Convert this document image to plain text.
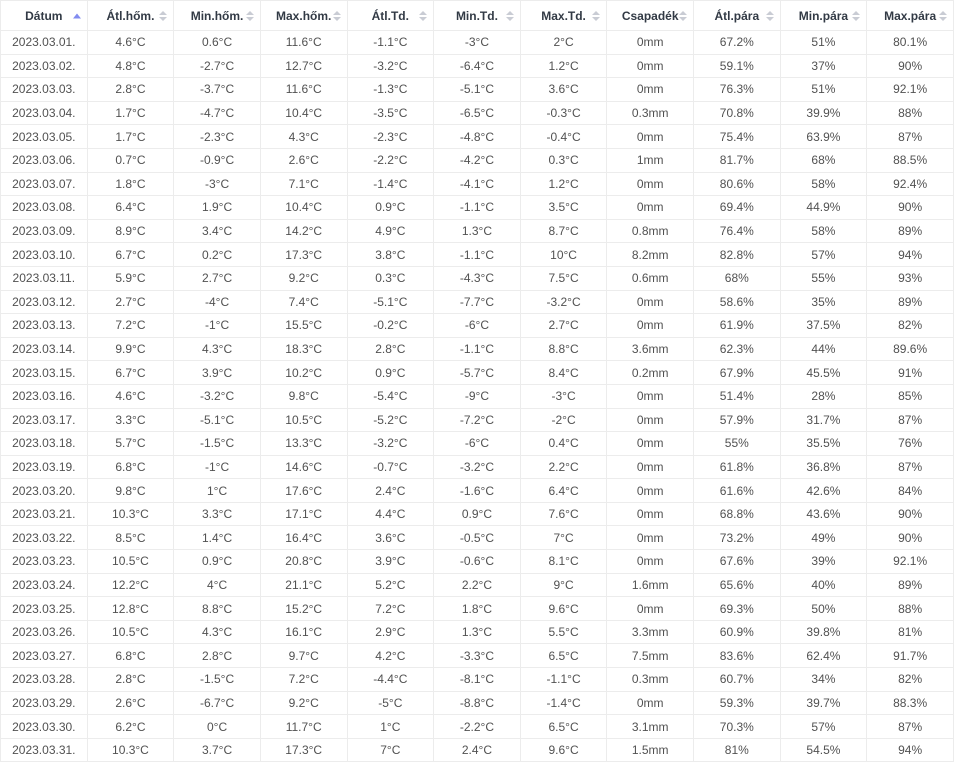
Dátum	Átl.hőm.	Min.hőm.	Max.hőm.	Átl.Td.	Min.Td.	Max.Td.	Csapadék	Átl.pára	Min.pára	Max.pára

2023.03.01.	4.6°C	0.6°C	11.6°C	-1.1°C	-3°C	2°C	0mm	67.2%	51%	80.1%
2023.03.02.	4.8°C	-2.7°C	12.7°C	-3.2°C	-6.4°C	1.2°C	0mm	59.1%	37%	90%
2023.03.03.	2.8°C	-3.7°C	11.6°C	-1.3°C	-5.1°C	3.6°C	0mm	76.3%	51%	92.1%
2023.03.04.	1.7°C	-4.7°C	10.4°C	-3.5°C	-6.5°C	-0.3°C	0.3mm	70.8%	39.9%	88%
2023.03.05.	1.7°C	-2.3°C	4.3°C	-2.3°C	-4.8°C	-0.4°C	0mm	75.4%	63.9%	87%
2023.03.06.	0.7°C	-0.9°C	2.6°C	-2.2°C	-4.2°C	0.3°C	1mm	81.7%	68%	88.5%
2023.03.07.	1.8°C	-3°C	7.1°C	-1.4°C	-4.1°C	1.2°C	0mm	80.6%	58%	92.4%
2023.03.08.	6.4°C	1.9°C	10.4°C	0.9°C	-1.1°C	3.5°C	0mm	69.4%	44.9%	90%
2023.03.09.	8.9°C	3.4°C	14.2°C	4.9°C	1.3°C	8.7°C	0.8mm	76.4%	58%	89%
2023.03.10.	6.7°C	0.2°C	17.3°C	3.8°C	-1.1°C	10°C	8.2mm	82.8%	57%	94%
2023.03.11.	5.9°C	2.7°C	9.2°C	0.3°C	-4.3°C	7.5°C	0.6mm	68%	55%	93%
2023.03.12.	2.7°C	-4°C	7.4°C	-5.1°C	-7.7°C	-3.2°C	0mm	58.6%	35%	89%
2023.03.13.	7.2°C	-1°C	15.5°C	-0.2°C	-6°C	2.7°C	0mm	61.9%	37.5%	82%
2023.03.14.	9.9°C	4.3°C	18.3°C	2.8°C	-1.1°C	8.8°C	3.6mm	62.3%	44%	89.6%
2023.03.15.	6.7°C	3.9°C	10.2°C	0.9°C	-5.7°C	8.4°C	0.2mm	67.9%	45.5%	91%
2023.03.16.	4.6°C	-3.2°C	9.8°C	-5.4°C	-9°C	-3°C	0mm	51.4%	28%	85%
2023.03.17.	3.3°C	-5.1°C	10.5°C	-5.2°C	-7.2°C	-2°C	0mm	57.9%	31.7%	87%
2023.03.18.	5.7°C	-1.5°C	13.3°C	-3.2°C	-6°C	0.4°C	0mm	55%	35.5%	76%
2023.03.19.	6.8°C	-1°C	14.6°C	-0.7°C	-3.2°C	2.2°C	0mm	61.8%	36.8%	87%
2023.03.20.	9.8°C	1°C	17.6°C	2.4°C	-1.6°C	6.4°C	0mm	61.6%	42.6%	84%
2023.03.21.	10.3°C	3.3°C	17.1°C	4.4°C	0.9°C	7.6°C	0mm	68.8%	43.6%	90%
2023.03.22.	8.5°C	1.4°C	16.4°C	3.6°C	-0.5°C	7°C	0mm	73.2%	49%	90%
2023.03.23.	10.5°C	0.9°C	20.8°C	3.9°C	-0.6°C	8.1°C	0mm	67.6%	39%	92.1%
2023.03.24.	12.2°C	4°C	21.1°C	5.2°C	2.2°C	9°C	1.6mm	65.6%	40%	89%
2023.03.25.	12.8°C	8.8°C	15.2°C	7.2°C	1.8°C	9.6°C	0mm	69.3%	50%	88%
2023.03.26.	10.5°C	4.3°C	16.1°C	2.9°C	1.3°C	5.5°C	3.3mm	60.9%	39.8%	81%
2023.03.27.	6.8°C	2.8°C	9.7°C	4.2°C	-3.3°C	6.5°C	7.5mm	83.6%	62.4%	91.7%
2023.03.28.	2.8°C	-1.5°C	7.2°C	-4.4°C	-8.1°C	-1.1°C	0.3mm	60.7%	34%	82%
2023.03.29.	2.6°C	-6.7°C	9.2°C	-5°C	-8.8°C	-1.4°C	0mm	59.3%	39.7%	88.3%
2023.03.30.	6.2°C	0°C	11.7°C	1°C	-2.2°C	6.5°C	3.1mm	70.3%	57%	87%
2023.03.31.	10.3°C	3.7°C	17.3°C	7°C	2.4°C	9.6°C	1.5mm	81%	54.5%	94%
